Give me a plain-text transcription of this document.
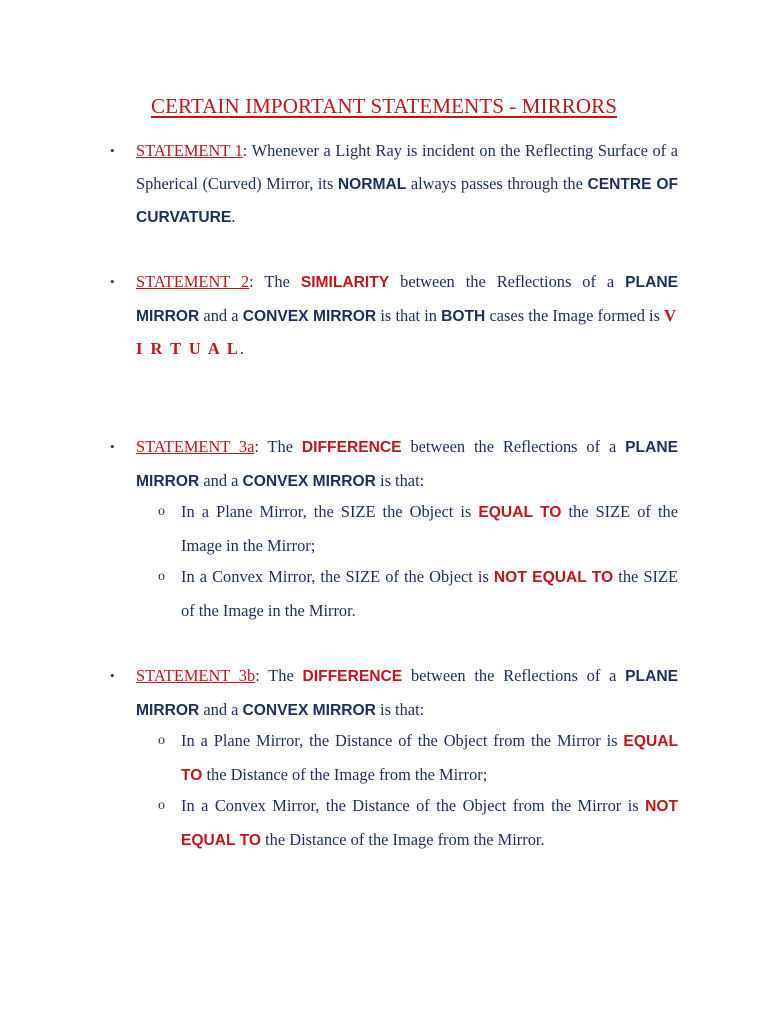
CERTAIN IMPORTANT STATEMENTS - MIRRORS
• STATEMENT 1: Whenever a Light Ray is incident on the Reflecting Surface of a Spherical (Curved) Mirror, its NORMAL always passes through the CENTRE OF CURVATURE.
• STATEMENT 2: The SIMILARITY between the Reflections of a PLANE MIRROR and a CONVEX MIRROR is that in BOTH cases the Image formed is V I R T U A L.
• STATEMENT 3a: The DIFFERENCE between the Reflections of a PLANE MIRROR and a CONVEX MIRROR is that:
o In a Plane Mirror, the SIZE the Object is EQUAL TO the SIZE of the Image in the Mirror;
o In a Convex Mirror, the SIZE of the Object is NOT EQUAL TO the SIZE of the Image in the Mirror.
• STATEMENT 3b: The DIFFERENCE between the Reflections of a PLANE MIRROR and a CONVEX MIRROR is that:
o In a Plane Mirror, the Distance of the Object from the Mirror is EQUAL TO the Distance of the Image from the Mirror;
o In a Convex Mirror, the Distance of the Object from the Mirror is NOT EQUAL TO the Distance of the Image from the Mirror.
